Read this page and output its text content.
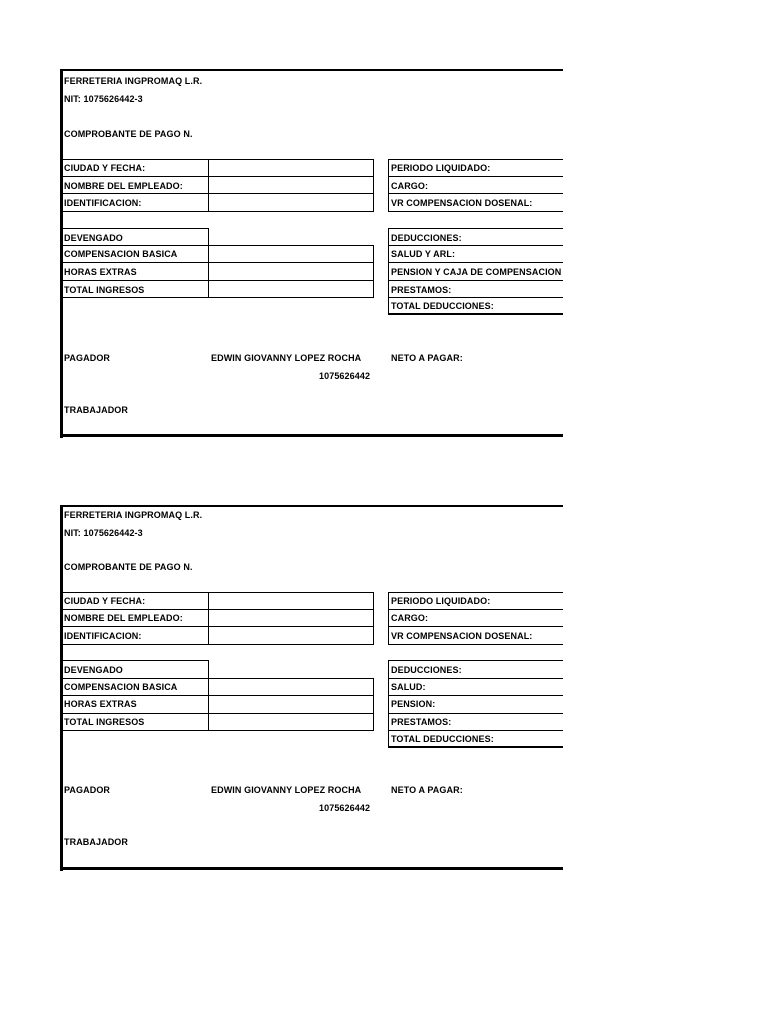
FERRETERIA INGPROMAQ L.R.
NIT: 1075626442-3
COMPROBANTE DE PAGO N.
CIUDAD Y FECHA:
NOMBRE DEL EMPLEADO:
IDENTIFICACION:
PERIODO LIQUIDADO:
CARGO:
VR COMPENSACION DOSENAL:
DEVENGADO
COMPENSACION BASICA
HORAS EXTRAS
TOTAL INGRESOS
DEDUCCIONES:
SALUD Y ARL:
PENSION Y CAJA DE COMPENSACION
PRESTAMOS:
TOTAL DEDUCCIONES:
PAGADOR	EDWIN GIOVANNY LOPEZ ROCHA
1075626442
NETO A PAGAR:
TRABAJADOR
FERRETERIA INGPROMAQ L.R.
NIT: 1075626442-3
COMPROBANTE DE PAGO N.
CIUDAD Y FECHA:
NOMBRE DEL EMPLEADO:
IDENTIFICACION:
PERIODO LIQUIDADO:
CARGO:
VR COMPENSACION DOSENAL:
DEVENGADO
COMPENSACION BASICA
HORAS EXTRAS
TOTAL INGRESOS
DEDUCCIONES:
SALUD:
PENSION:
PRESTAMOS:
TOTAL DEDUCCIONES:
PAGADOR	EDWIN GIOVANNY LOPEZ ROCHA
1075626442
NETO A PAGAR:
TRABAJADOR
